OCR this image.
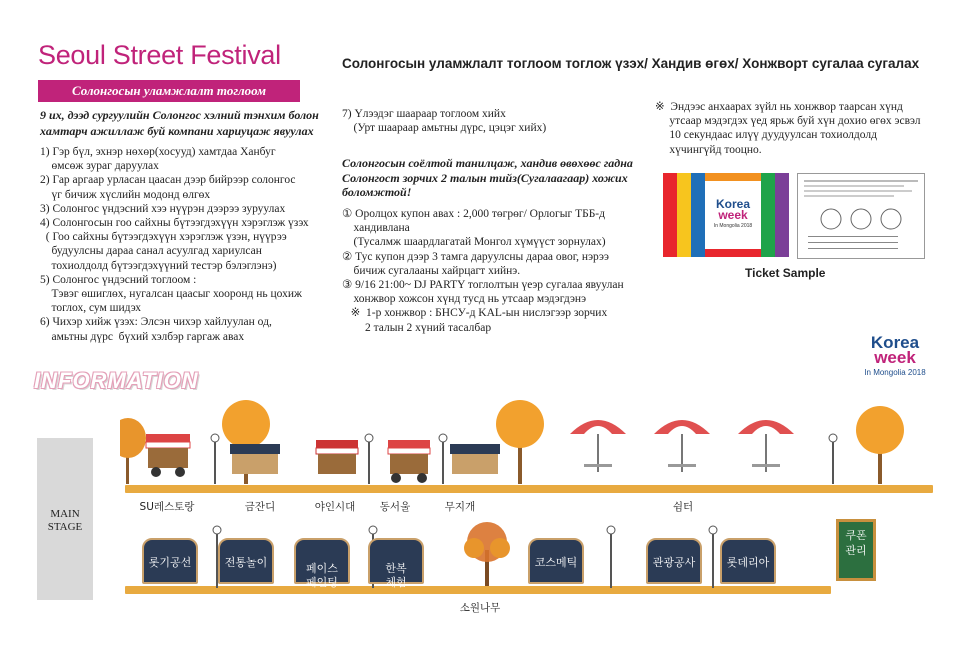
Seoul Street Festival
Солонгосын уламжлалт тоглоом
Солонгосын уламжлалт тоглоом тоглож үзэх/ Хандив өгөх/ Хонжворт сугалаа сугалах
9 их, дээд сургуулийн Солонгос хэлний тэнхим болон хамтарч ажиллаж буй компани хариуцаж явуулах
1) Гэр бүл, эхнэр нөхөр(хосууд) хамтдаа Ханбуг
өмсөж зураг даруулах
2) Гар аргаар урласан цаасан дээр бийрээр солонгос
үг бичиж хүслийн модонд өлгөх
3) Солонгос үндэсний хээ нүүрэн дээрээ зуруулах
4) Солонгосын гоо сайхны бүтээгдэхүүн хэрэглэж үзэх
( Гоо сайхны бүтээгдэхүүн хэрэглэж үзэн, нүүрээ
будуулсны дараа санал асуулгад хариулсан
тохиолдолд бүтээгдэхүүний тестэр бэлэглэнэ)
5) Солонгос үндэсний тоглоом :
Тэвэг өшиглөх, нугалсан цаасыг хооронд нь цохиж
тоглох, сум шидэх
6) Чихэр хийж үзэх: Элсэн чихэр хайлуулан од,
амьтны дүрс  бүхий хэлбэр гаргаж авах
7) Үлээдэг шаараар тоглоом хийх
(Урт шаараар амьтны дүрс, цэцэг хийх)
Солонгосын соёлтой танилцаж, хандив өвөхөөс гадна Солонгост зорчих 2 талын тийз(Сугалаагаар) хожих боломжтой!
① Оролцох купон авах : 2,000 төгрөг/ Орлогыг ТББ-д
хандивлана
(Тусалмж шаардлагатай Монгол хүмүүст зорнулах)
② Тус купон дээр 3 тамга даруулсны дараа овог, нэрээ
бичиж сугалааны хайрцагт хийнэ.
③ 9/16 21:00~ DJ PARTY тоглолтын үеэр сугалаа явуулан
хонжвор хожсон хүнд тусд нь утсаар мэдэгдэнэ
※  1-р хонжвор : БНСУ-д KAL-ын нислэгээр зорчих
2 талын 2 хүний тасалбар
※  Эндээс анхаарах зүйл нь хонжвор таарсан хүнд
утсаар мэдэгдэх үед ярьж буй хүн дохио өгөх эсвэл
10 секундаас илүү дуудуулсан тохиолдолд
хүчингүйд тооцно.
Korea
week
In Mongolia 2018
Ticket Sample
Korea
week
In Mongolia 2018
INFORMATION
MAIN STAGE
SU레스토랑	금잔디	야인시대	동서울	무지개	쉼터
롯기공선	전통놀이	페이스
페인팅

한복
체험

코스메틱	관광공사	롯데리아
소원나무
쿠폰
관리
